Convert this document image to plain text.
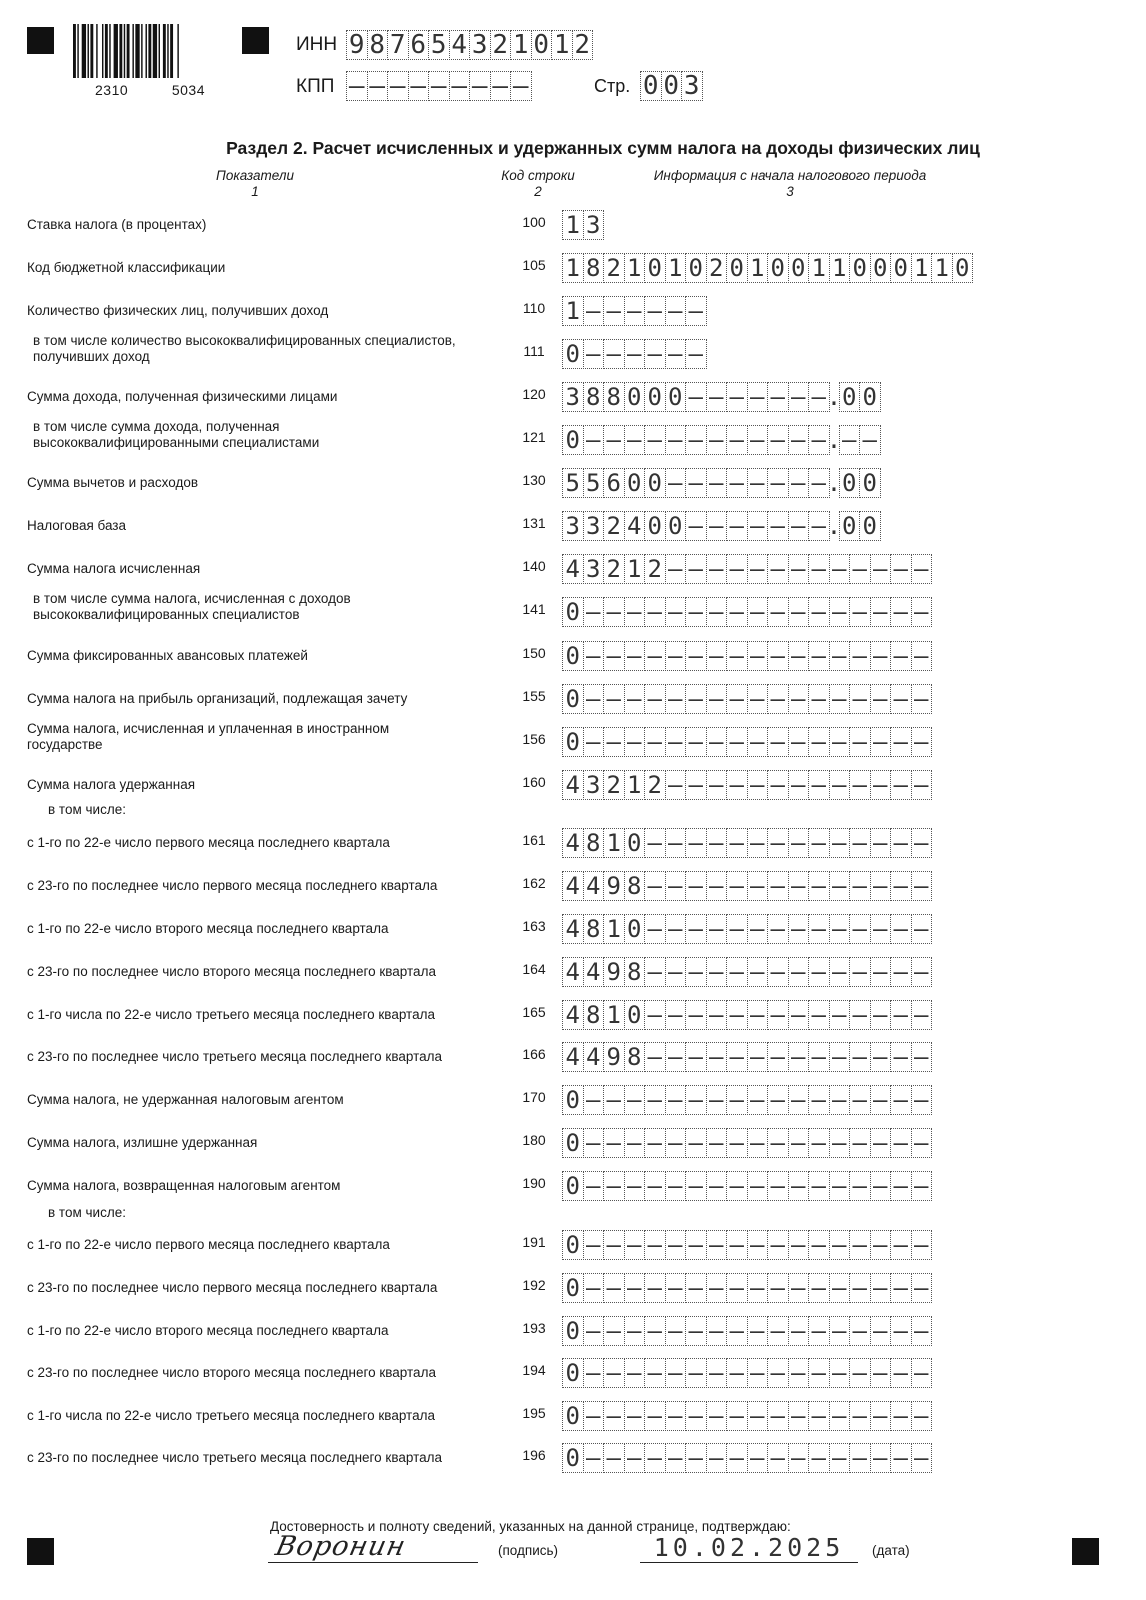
2310	5034
ИНН 9 8 7 6 5 4 3 2 1 0 1 2
КПП – – – – – – – – –	Стр. 0 0 3
Раздел 2. Расчет исчисленных и удержанных сумм налога на доходы физических лиц
Показатели
1
Код строки
2
Информация с начала налогового периода
3
Ставка налога (в процентах)	100 1 3
Код бюджетной классификации	105 1 8 2 1 0 1 0 2 0 1 0 0 1 1 0 0 0 1 1 0
Количество физических лиц, получивших доход	110 1 – – – – – –
в том числе количество высококвалифицированных специалистов, получивших доход	111 0 – – – – – –
Сумма дохода, полученная физическими лицами	120 3 8 8 0 0 0 – – – – – – – . 0 0
в том числе сумма дохода, полученная высококвалифицированными специалистами	121 0 – – – – – – – – – – – – . – –
Сумма вычетов и расходов	130 5 5 6 0 0 – – – – – – – – . 0 0
Налоговая база	131 3 3 2 4 0 0 – – – – – – – . 0 0
Сумма налога исчисленная	140 4 3 2 1 2 – – – – – – – – – – – – –
в том числе сумма налога, исчисленная с доходов высококвалифицированных специалистов	141 0 – – – – – – – – – – – – – – – – –
Сумма фиксированных авансовых платежей	150 0 – – – – – – – – – – – – – – – – –
Сумма налога на прибыль организаций, подлежащая зачету	155 0 – – – – – – – – – – – – – – – – –
Сумма налога, исчисленная и уплаченная в иностранном государстве	156 0 – – – – – – – – – – – – – – – – –
Сумма налога удержанная	160 4 3 2 1 2 – – – – – – – – – – – – –
с 1-го по 22-е число первого месяца последнего квартала	161 4 8 1 0 – – – – – – – – – – – – – –
с 23-го по последнее число первого месяца последнего квартала	162 4 4 9 8 – – – – – – – – – – – – – –
с 1-го по 22-е число второго месяца последнего квартала	163 4 8 1 0 – – – – – – – – – – – – – –
с 23-го по последнее число второго месяца последнего квартала	164 4 4 9 8 – – – – – – – – – – – – – –
с 1-го числа по 22-е число третьего месяца последнего квартала	165 4 8 1 0 – – – – – – – – – – – – – –
с 23-го по последнее число третьего месяца последнего квартала	166 4 4 9 8 – – – – – – – – – – – – – –
Сумма налога, не удержанная налоговым агентом	170 0 – – – – – – – – – – – – – – – – –
Сумма налога, излишне удержанная	180 0 – – – – – – – – – – – – – – – – –
Сумма налога, возвращенная налоговым агентом	190 0 – – – – – – – – – – – – – – – – –
с 1-го по 22-е число первого месяца последнего квартала	191 0 – – – – – – – – – – – – – – – – –
с 23-го по последнее число первого месяца последнего квартала	192 0 – – – – – – – – – – – – – – – – –
с 1-го по 22-е число второго месяца последнего квартала	193 0 – – – – – – – – – – – – – – – – –
с 23-го по последнее число второго месяца последнего квартала	194 0 – – – – – – – – – – – – – – – – –
с 1-го числа по 22-е число третьего месяца последнего квартала	195 0 – – – – – – – – – – – – – – – – –
с 23-го по последнее число третьего месяца последнего квартала	196 0 – – – – – – – – – – – – – – – – –
в том числе:
в том числе:
Достоверность и полноту сведений, указанных на данной странице, подтверждаю:
Воронин	(подпись)	10.02.2025	(дата)
